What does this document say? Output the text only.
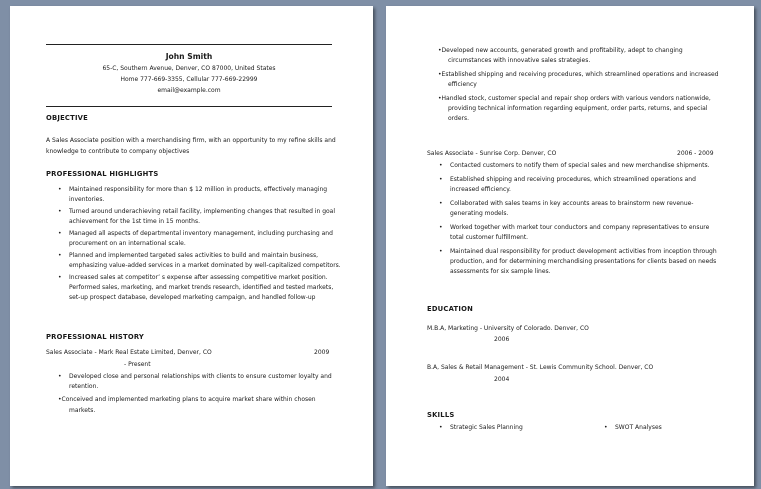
John Smith
65-C, Southern Avenue, Denver, CO 87000, United States
Home 777-669-3355, Cellular 777-669-22999
email@example.com
OBJECTIVE
A Sales Associate position with a merchandising firm, with an opportunity to my refine skills and
knowledge to contribute to company objectives
PROFESSIONAL HIGHLIGHTS
• Maintained responsibility for more than $ 12 million in products, effectively managing
inventories.
• Turned around underachieving retail facility, implementing changes that resulted in goal
achievement for the 1st time in 15 months.
• Managed all aspects of departmental inventory management, including purchasing and
procurement on an international scale.
• Planned and implemented targeted sales activities to build and maintain business,
emphasizing value-added services in a market dominated by well-capitalized competitors.
• Increased sales at competitor’ s expense after assessing competitive market position.
Performed sales, marketing, and market trends research, identified and tested markets,
set-up prospect database, developed marketing campaign, and handled follow-up
PROFESSIONAL HISTORY
Sales Associate - Mark Real Estate Limited, Denver, CO	2009
- Present
• Developed close and personal relationships with clients to ensure customer loyalty and
retention.
•Conceived and implemented marketing plans to acquire market share within chosen
markets.
•Developed new accounts, generated growth and profitability, adept to changing
circumstances with innovative sales strategies.
•Established shipping and receiving procedures, which streamlined operations and increased
efficiency
•Handled stock, customer special and repair shop orders with various vendors nationwide,
providing technical information regarding equipment, order parts, returns, and special
orders.
Sales Associate - Sunrise Corp. Denver, CO	2006 - 2009
• Contacted customers to notify them of special sales and new merchandise shipments.
• Established shipping and receiving procedures, which streamlined operations and
increased efficiency.
• Collaborated with sales teams in key accounts areas to brainstorm new revenue-
generating models.
• Worked together with market tour conductors and company representatives to ensure
total customer fulfillment.
• Maintained dual responsibility for product development activities from inception through
production, and for determining merchandising presentations for clients based on needs
assessments for six sample lines.
EDUCATION
M.B.A, Marketing - University of Colorado. Denver, CO
2006
B.A, Sales & Retail Management - St. Lewis Community School. Denver, CO
2004
SKILLS
• Strategic Sales Planning
•	SWOT Analyses
